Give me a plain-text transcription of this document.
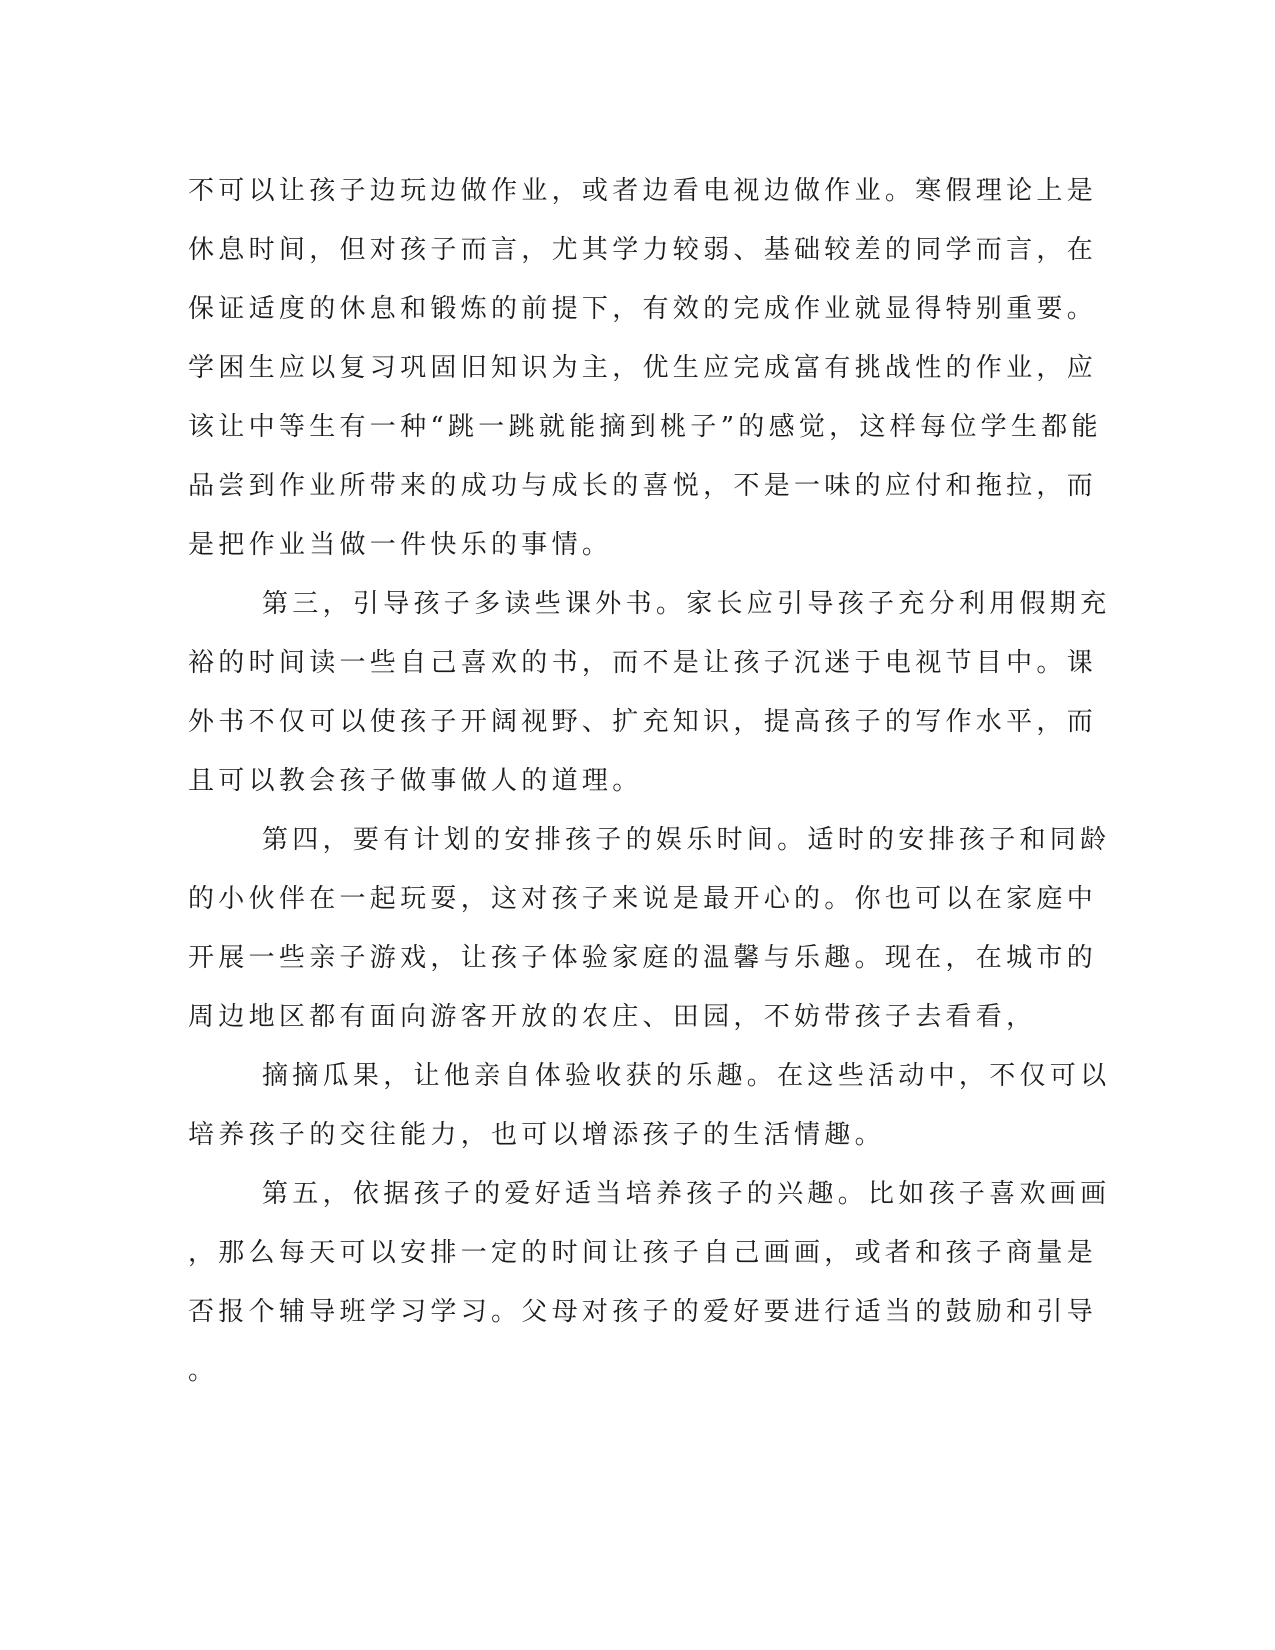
不可以让孩子边玩边做作业，或者边看电视边做作业。寒假理论上是
休息时间，但对孩子而言，尤其学力较弱、基础较差的同学而言，在
保证适度的休息和锻炼的前提下，有效的完成作业就显得特别重要。
学困生应以复习巩固旧知识为主，优生应完成富有挑战性的作业，应
该让中等生有一种“跳一跳就能摘到桃子”的感觉，这样每位学生都能
品尝到作业所带来的成功与成长的喜悦，不是一味的应付和拖拉，而
是把作业当做一件快乐的事情。
第三，引导孩子多读些课外书。家长应引导孩子充分利用假期充
裕的时间读一些自己喜欢的书，而不是让孩子沉迷于电视节目中。课
外书不仅可以使孩子开阔视野、扩充知识，提高孩子的写作水平，而
且可以教会孩子做事做人的道理。
第四，要有计划的安排孩子的娱乐时间。适时的安排孩子和同龄
的小伙伴在一起玩耍，这对孩子来说是最开心的。你也可以在家庭中
开展一些亲子游戏，让孩子体验家庭的温馨与乐趣。现在，在城市的
周边地区都有面向游客开放的农庄、田园，不妨带孩子去看看，
摘摘瓜果，让他亲自体验收获的乐趣。在这些活动中，不仅可以
培养孩子的交往能力，也可以增添孩子的生活情趣。
第五，依据孩子的爱好适当培养孩子的兴趣。比如孩子喜欢画画
，那么每天可以安排一定的时间让孩子自己画画，或者和孩子商量是
否报个辅导班学习学习。父母对孩子的爱好要进行适当的鼓励和引导
。
